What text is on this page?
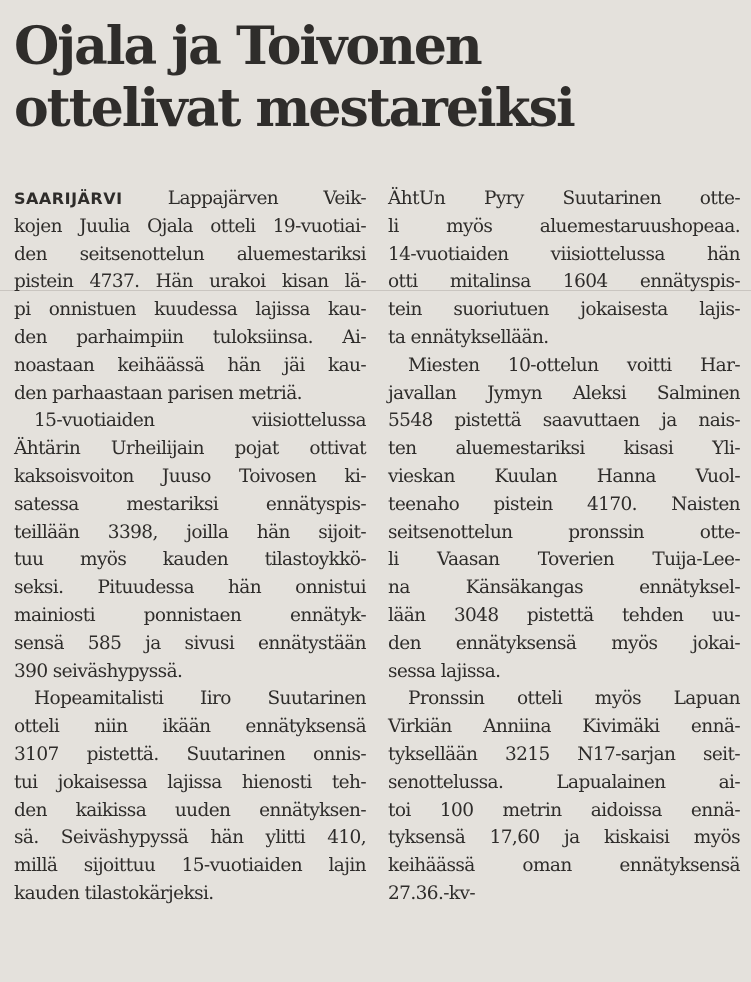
Ojala ja Toivonen
ottelivat mestareiksi
SAARIJÄRVI Lappajärven Veik-
kojen Juulia Ojala otteli 19-vuotiai-
den seitsenottelun aluemestariksi
pistein 4737. Hän urakoi kisan lä-
pi onnistuen kuudessa lajissa kau-
den parhaimpiin tuloksiinsa. Ai-
noastaan keihäässä hän jäi kau-
den parhaastaan parisen metriä.
15-vuotiaiden viisiottelussa
Ähtärin Urheilijain pojat ottivat
kaksoisvoiton Juuso Toivosen ki-
satessa mestariksi ennätyspis-
teillään 3398, joilla hän sijoit-
tuu myös kauden tilastoykkö-
seksi. Pituudessa hän onnistui
mainiosti ponnistaen ennätyk-
sensä 585 ja sivusi ennätystään
390 seiväshypyssä.
Hopeamitalisti Iiro Suutarinen
otteli niin ikään ennätyksensä
3107 pistettä. Suutarinen onnis-
tui jokaisessa lajissa hienosti teh-
den kaikissa uuden ennätyksen-
sä. Seiväshypyssä hän ylitti 410,
millä sijoittuu 15-vuotiaiden lajin
kauden tilastokärjeksi.
ÄhtUn Pyry Suutarinen otte-
li myös aluemestaruushopeaa.
14-vuotiaiden viisiottelussa hän
otti mitalinsa 1604 ennätyspis-
tein suoriutuen jokaisesta lajis-
ta ennätyksellään.
Miesten 10-ottelun voitti Har-
javallan Jymyn Aleksi Salminen
5548 pistettä saavuttaen ja nais-
ten aluemestariksi kisasi Yli-
vieskan Kuulan Hanna Vuol-
teenaho pistein 4170. Naisten
seitsenottelun pronssin otte-
li Vaasan Toverien Tuija-Lee-
na Känsäkangas ennätyksel-
lään 3048 pistettä tehden uu-
den ennätyksensä myös jokai-
sessa lajissa.
Pronssin otteli myös Lapuan
Virkiän Anniina Kivimäki ennä-
tyksellään 3215 N17-sarjan seit-
senottelussa. Lapualainen ai-
toi 100 metrin aidoissa ennä-
tyksensä 17,60 ja kiskaisi myös
keihäässä oman ennätyksensä
27.36.-kv-
